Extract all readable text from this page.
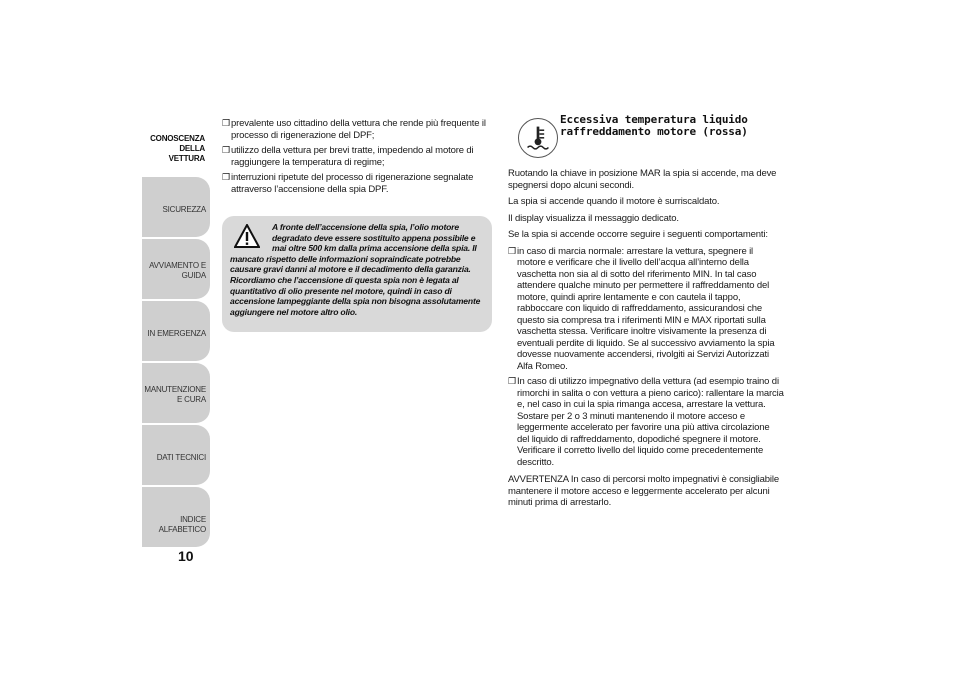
CONOSCENZA DELLA VETTURA
SICUREZZA
AVVIAMENTO E GUIDA
IN EMERGENZA
MANUTENZIONE E CURA
DATI TECNICI
INDICE ALFABETICO
10
❒ prevalente uso cittadino della vettura che rende più frequente il processo di rigenerazione del DPF;
❒ utilizzo della vettura per brevi tratte, impedendo al motore di raggiungere la temperatura di regime;
❒ interruzioni ripetute del processo di rigenerazione segnalate attraverso l’accensione della spia DPF.
A fronte dell’accensione della spia, l’olio motore
degradato deve essere sostituito appena possibile e
mai oltre 500 km dalla prima accensione della spia. Il
mancato rispetto delle informazioni sopraindicate potrebbe causare gravi danni al motore e il decadimento della garanzia. Ricordiamo che l’accensione di questa spia non è legata al quantitativo di olio presente nel motore, quindi in caso di accensione lampeggiante della spia non bisogna assolutamente aggiungere nel motore altro olio.
Eccessiva temperatura liquido raffreddamento motore (rossa)

Ruotando la chiave in posizione MAR la spia si accende, ma deve spegnersi dopo alcuni secondi.

La spia si accende quando il motore è surriscaldato.

Il display visualizza il messaggio dedicato.

Se la spia si accende occorre seguire i seguenti comportamenti:

❒ in caso di marcia normale: arrestare la vettura, spegnere il motore e verificare che il livello dell’acqua all’interno della vaschetta non sia al di sotto del riferimento MIN. In tal caso attendere qualche minuto per permettere il raffreddamento del motore, quindi aprire lentamente e con cautela il tappo, rabboccare con liquido di raffreddamento, assicurandosi che questo sia compresa tra i riferimenti MIN e MAX riportati sulla vaschetta stessa. Verificare inoltre visivamente la presenza di eventuali perdite di liquido. Se al successivo avviamento la spia dovesse nuovamente accendersi, rivolgiti ai Servizi Autorizzati Alfa Romeo.
❒ In caso di utilizzo impegnativo della vettura (ad esempio traino di rimorchi in salita o con vettura a pieno carico): rallentare la marcia e, nel caso in cui la spia rimanga accesa, arrestare la vettura. Sostare per 2 o 3 minuti mantenendo il motore acceso e leggermente accelerato per favorire una più attiva circolazione del liquido di raffreddamento, dopodiché spegnere il motore. Verificare il corretto livello del liquido come precedentemente descritto.

AVVERTENZA In caso di percorsi molto impegnativi è consigliabile mantenere il motore acceso e leggermente accelerato per alcuni minuti prima di arrestarlo.
